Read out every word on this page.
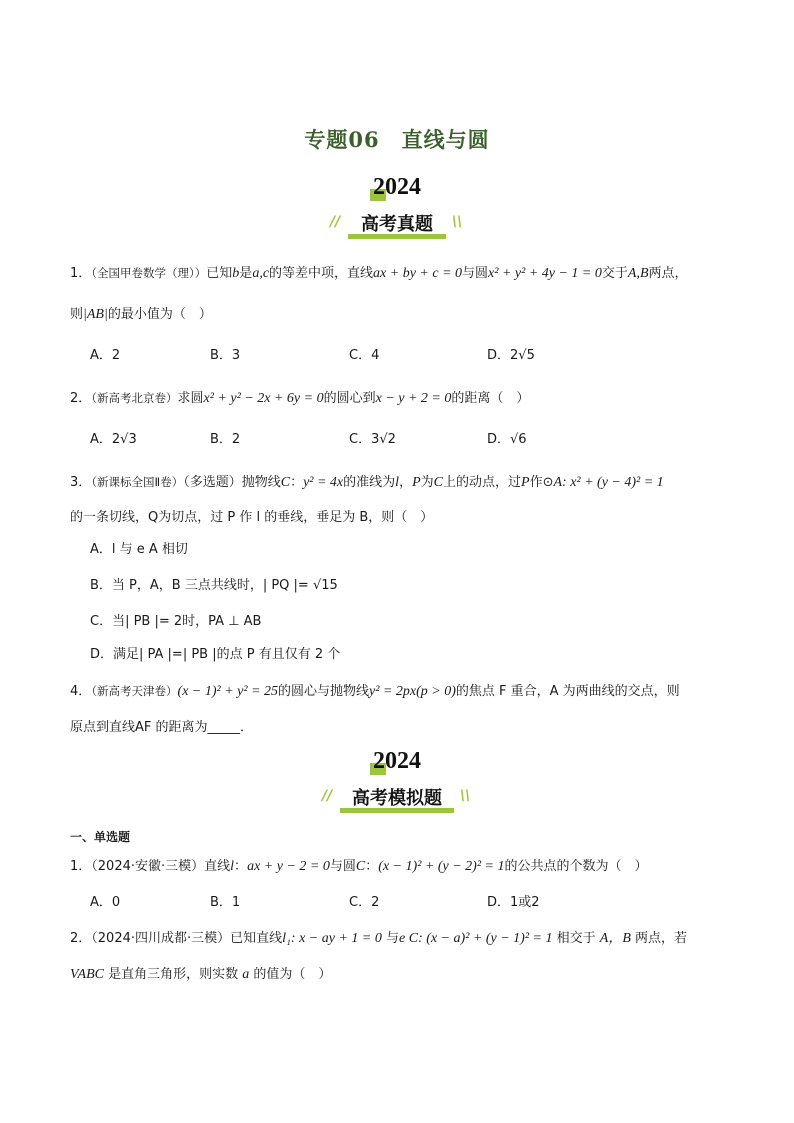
专题06　直线与圆
2024
//	高考真题	\\
1．（全国甲卷数学（理））已知b是a,c的等差中项，直线ax + by + c = 0与圆x² + y² + 4y − 1 = 0交于A,B两点，
则|AB|的最小值为（　）
A．2	B．3	C．4	D．2√5
2．（新高考北京卷）求圆x² + y² − 2x + 6y = 0的圆心到x − y + 2 = 0的距离（　）
A．2√3	B．2	C．3√2	D．√6
3．（新课标全国Ⅱ卷）（多选题）抛物线C：y² = 4x的准线为l，P为C上的动点，过P作⊙A: x² + (y − 4)² = 1
的一条切线，Q为切点，过 P 作 l 的垂线，垂足为 B，则（　）
A．l 与 e A 相切
B．当 P，A，B 三点共线时，| PQ |= √15
C．当| PB |= 2时，PA ⊥ AB
D．满足| PA |=| PB |的点 P 有且仅有 2 个
4．（新高考天津卷）(x − 1)² + y² = 25的圆心与抛物线y² = 2px(p > 0)的焦点 F 重合，A 为两曲线的交点，则
原点到直线AF 的距离为_____．
2024
//	高考模拟题	\\
一、单选题
1．（2024·安徽·三模）直线l：ax + y − 2 = 0与圆C：(x − 1)² + (y − 2)² = 1的公共点的个数为（　）
A．0	B．1	C．2	D．1或2
2．（2024·四川成都·三模）已知直线l₁: x − ay + 1 = 0 与e C: (x − a)² + (y − 1)² = 1 相交于 A，B 两点，若
VABC 是直角三角形，则实数 a 的值为（　）
